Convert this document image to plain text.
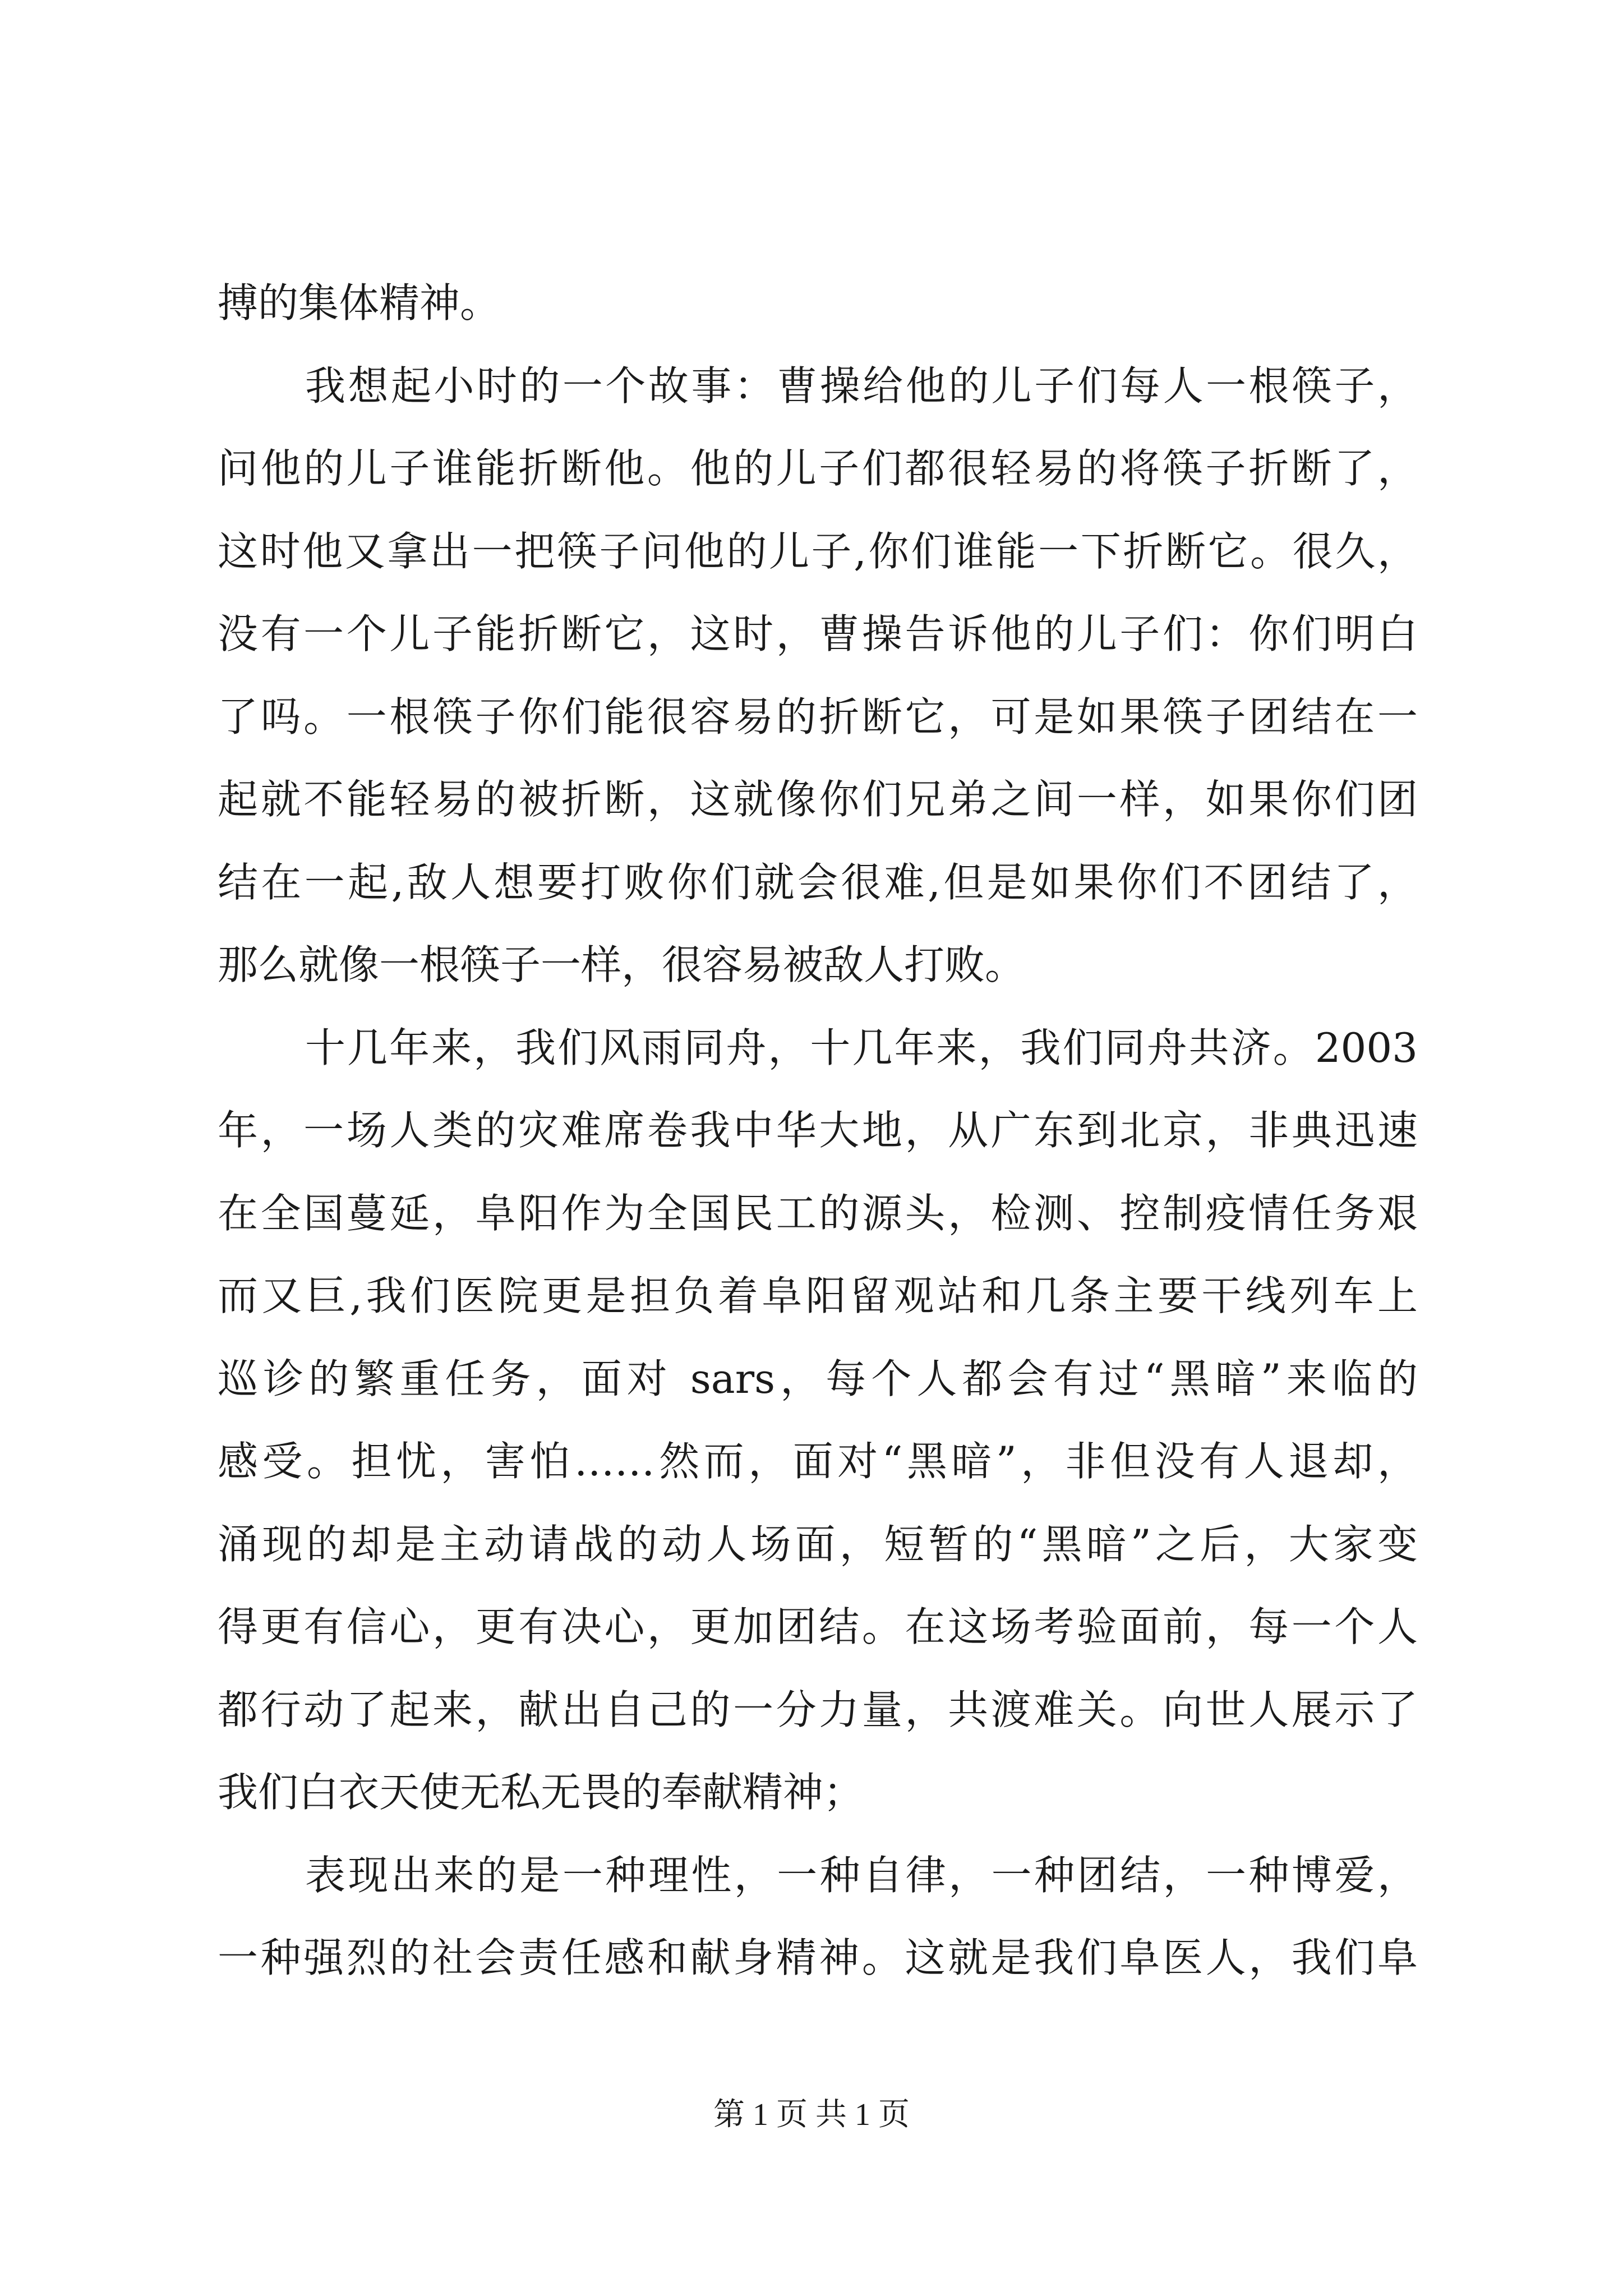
搏的集体精神。
我想起小时的一个故事：曹操给他的儿子们每人一根筷子，
问他的儿子谁能折断他。他的儿子们都很轻易的将筷子折断了，
这时他又拿出一把筷子问他的儿子,你们谁能一下折断它。很久，
没有一个儿子能折断它，这时，曹操告诉他的儿子们：你们明白
了吗。一根筷子你们能很容易的折断它，可是如果筷子团结在一
起就不能轻易的被折断，这就像你们兄弟之间一样，如果你们团
结在一起,敌人想要打败你们就会很难,但是如果你们不团结了，
那么就像一根筷子一样，很容易被敌人打败。
十几年来，我们风雨同舟，十几年来，我们同舟共济。2003
年，一场人类的灾难席卷我中华大地，从广东到北京，非典迅速
在全国蔓延，阜阳作为全国民工的源头，检测、控制疫情任务艰
而又巨,我们医院更是担负着阜阳留观站和几条主要干线列车上
巡诊的繁重任务，面对 sars，每个人都会有过“黑暗”来临的
感受。担忧，害怕……然而，面对“黑暗”，非但没有人退却，
涌现的却是主动请战的动人场面，短暂的“黑暗”之后，大家变
得更有信心，更有决心，更加团结。在这场考验面前，每一个人
都行动了起来，献出自己的一分力量，共渡难关。向世人展示了
我们白衣天使无私无畏的奉献精神；
表现出来的是一种理性，一种自律，一种团结，一种博爱，
一种强烈的社会责任感和献身精神。这就是我们阜医人，我们阜
第 1 页 共 1 页
